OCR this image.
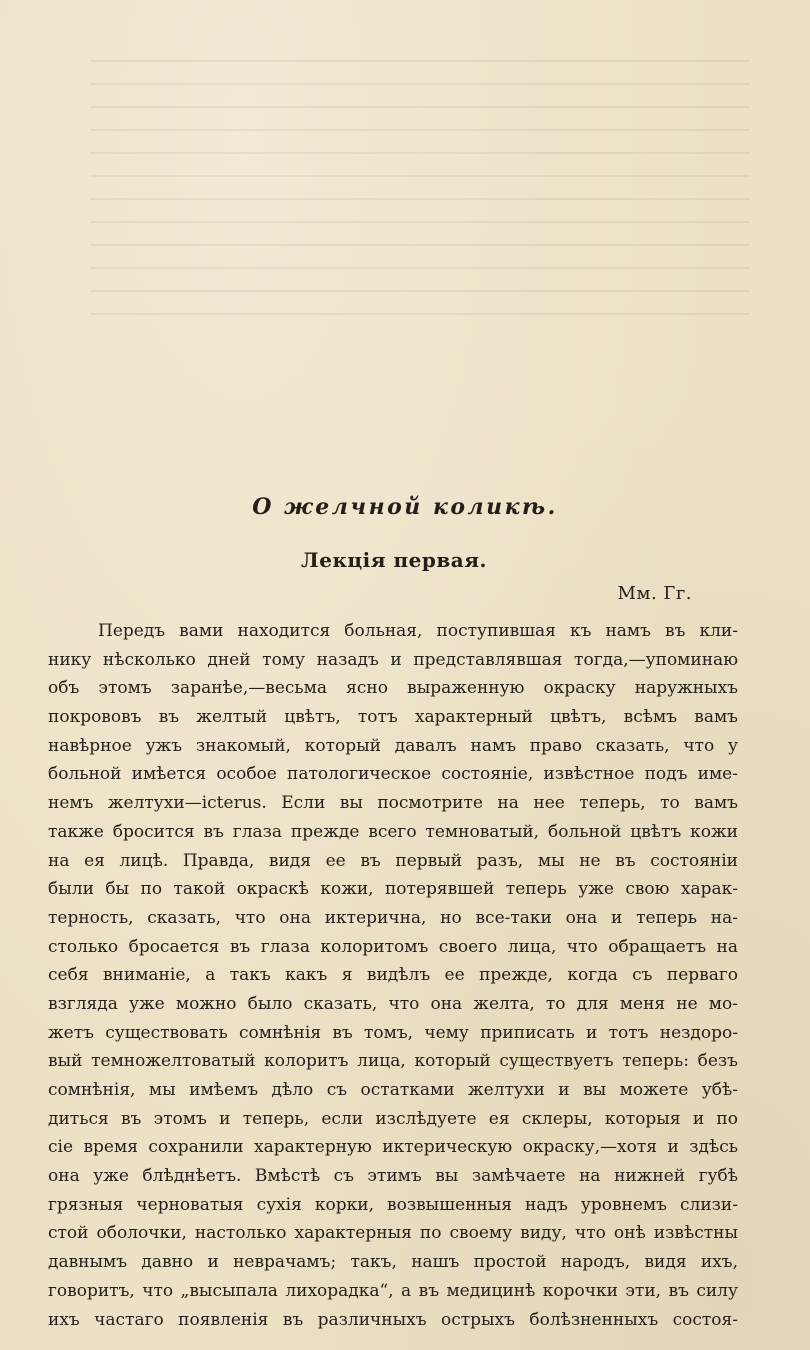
О желчной коликѣ.
Лекція первая.
Мм. Гг.
Передъ вами находится больная, поступившая къ намъ въ кли-
нику нѣсколько дней тому назадъ и представлявшая тогда,—упоминаю
объ этомъ заранѣе,—весьма ясно выраженную окраску наружныхъ
покрововъ въ желтый цвѣтъ, тотъ характерный цвѣтъ, всѣмъ вамъ
навѣрное ужъ знакомый, который давалъ намъ право сказать, что у
больной имѣется особое патологическое состояніе, извѣстное подъ име-
немъ желтухи—icterus. Если вы посмотрите на нее теперь, то вамъ
также бросится въ глаза прежде всего темноватый, больной цвѣтъ кожи
на ея лицѣ. Правда, видя ее въ первый разъ, мы не въ состояніи
были бы по такой окраскѣ кожи, потерявшей теперь уже свою харак-
терность, сказать, что она иктерична, но все-таки она и теперь на-
столько бросается въ глаза колоритомъ своего лица, что обращаетъ на
себя вниманіе, а такъ какъ я видѣлъ ее прежде, когда съ перваго
взгляда уже можно было сказать, что она желта, то для меня не мо-
жетъ существовать сомнѣнія въ томъ, чему приписать и тотъ нездоро-
вый темножелтоватый колоритъ лица, который существуетъ теперь: безъ
сомнѣнія, мы имѣемъ дѣло съ остатками желтухи и вы можете убѣ-
диться въ этомъ и теперь, если изслѣдуете ея склеры, которыя и по
сіе время сохранили характерную иктерическую окраску,—хотя и здѣсь
она уже блѣднѣетъ. Вмѣстѣ съ этимъ вы замѣчаете на нижней губѣ
грязныя черноватыя сухія корки, возвышенныя надъ уровнемъ слизи-
стой оболочки, настолько характерныя по своему виду, что онѣ извѣстны
давнымъ давно и неврачамъ; такъ, нашъ простой народъ, видя ихъ,
говоритъ, что „высыпала лихорадка“, а въ медицинѣ корочки эти, въ силу
ихъ частаго появленія въ различныхъ острыхъ болѣзненныхъ состоя-
